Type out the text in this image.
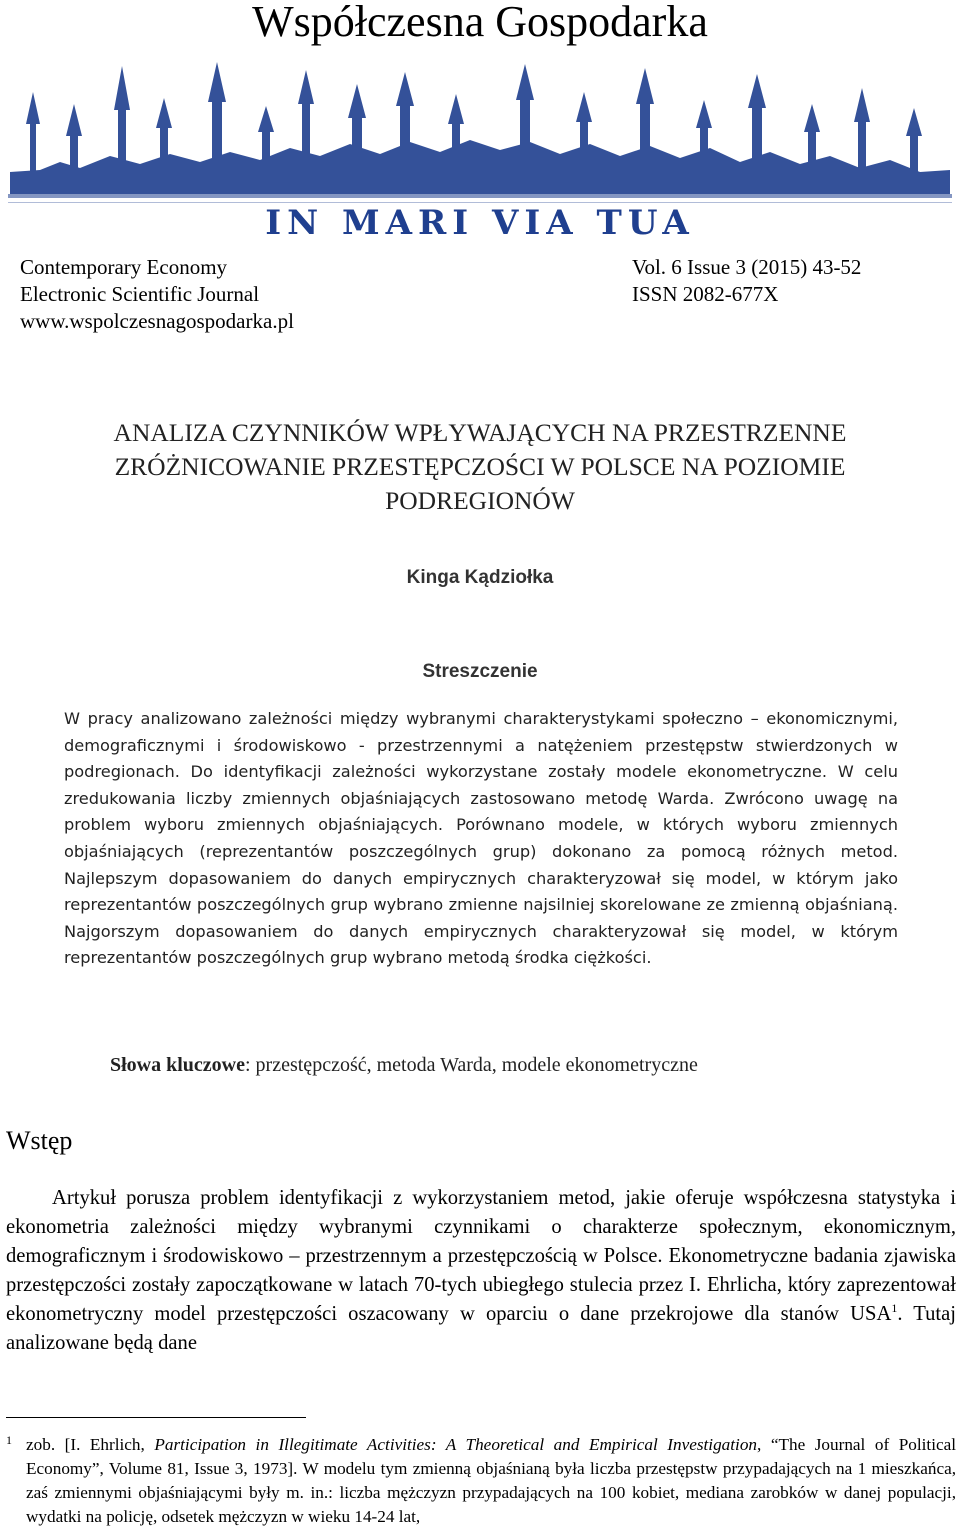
Współczesna Gospodarka
IN MARI VIA TUA
Contemporary Economy
Electronic Scientific Journal
www.wspolczesnagospodarka.pl
Vol. 6 Issue 3 (2015) 43-52
ISSN 2082-677X
ANALIZA CZYNNIKÓW WPŁYWAJĄCYCH NA PRZESTRZENNE
ZRÓŻNICOWANIE PRZESTĘPCZOŚCI W POLSCE NA POZIOMIE
PODREGIONÓW
Kinga Kądziołka
Streszczenie

W pracy analizowano zależności między wybranymi charakterystykami społeczno – ekonomicznymi, demograficznymi i środowiskowo - przestrzennymi a natężeniem przestępstw stwierdzonych w podregionach. Do identyfikacji zależności wykorzystane zostały modele ekonometryczne. W celu zredukowania liczby zmiennych objaśniających zastosowano metodę Warda. Zwrócono uwagę na problem wyboru zmiennych objaśniających. Porównano modele, w których wyboru zmiennych objaśniających (reprezentantów poszczególnych grup) dokonano za pomocą różnych metod. Najlepszym dopasowaniem do danych empirycznych charakteryzował się model, w którym jako reprezentantów poszczególnych grup wybrano zmienne najsilniej skorelowane ze zmienną objaśnianą. Najgorszym dopasowaniem do danych empirycznych charakteryzował się model, w którym reprezentantów poszczególnych grup wybrano metodą środka ciężkości.

Słowa kluczowe: przestępczość, metoda Warda, modele ekonometryczne
Wstęp

Artykuł porusza problem identyfikacji z wykorzystaniem metod, jakie oferuje współczesna statystyka i ekonometria zależności między wybranymi czynnikami o charakterze społecznym, ekonomicznym, demograficznym i środowiskowo – przestrzennym a przestępczością w Polsce. Ekonometryczne badania zjawiska przestępczości zostały zapoczątkowane w latach 70-tych ubiegłego stulecia przez I. Ehrlicha, który zaprezentował ekonometryczny model przestępczości oszacowany w oparciu o dane przekrojowe dla stanów USA$^1$. Tutaj analizowane będą dane

1 zob. [I. Ehrlich, Participation in Illegitimate Activities: A Theoretical and Empirical Investigation, “The Journal of Political Economy”, Volume 81, Issue 3, 1973]. W modelu tym zmienną objaśnianą była liczba przestępstw przypadających na 1 mieszkańca, zaś zmiennymi objaśniającymi były m. in.: liczba mężczyzn przypadających na 100 kobiet, mediana zarobków w danej populacji, wydatki na policję, odsetek mężczyzn w wieku 14-24 lat,
